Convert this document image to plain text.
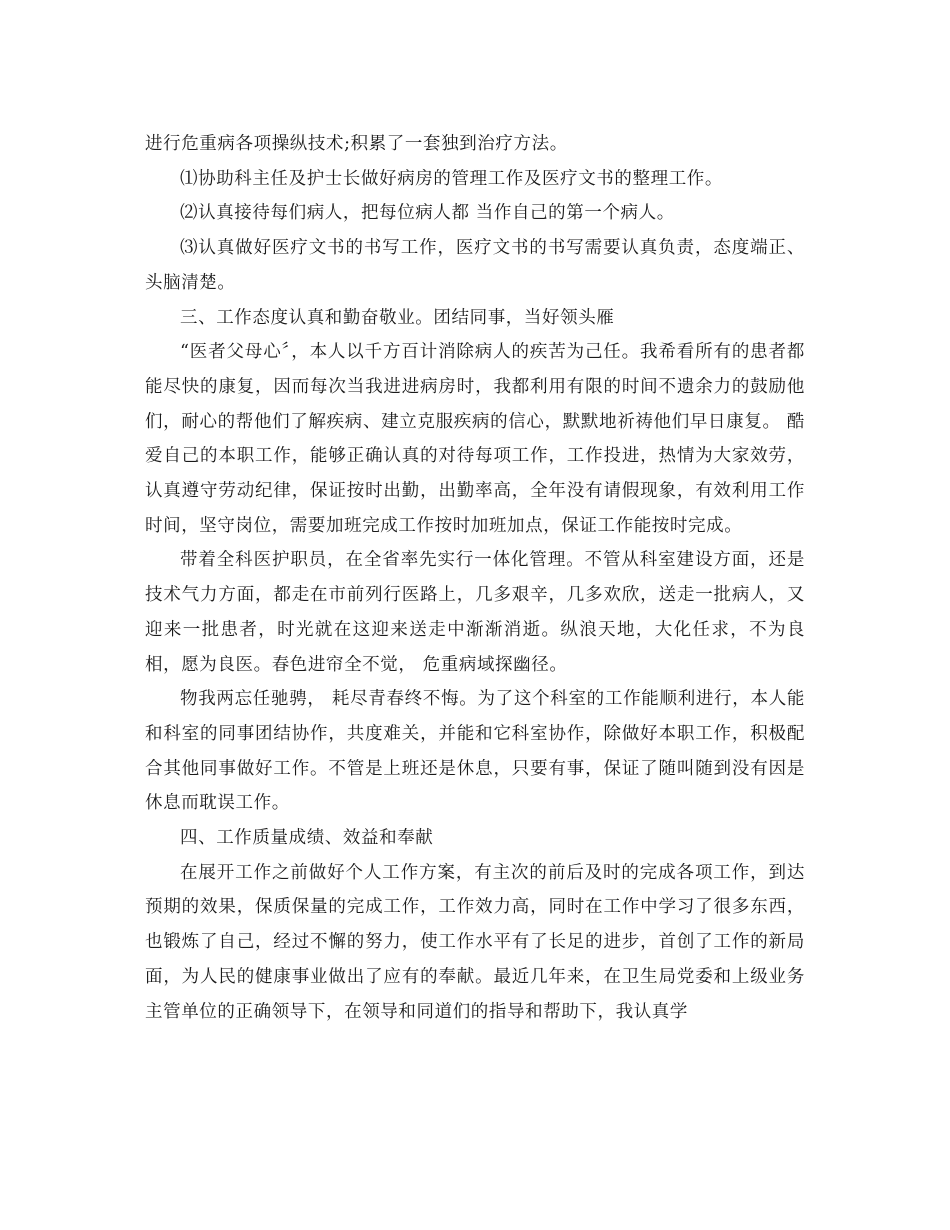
进行危重病各项操纵技术;积累了一套独到治疗方法。

⑴协助科主任及护士长做好病房的管理工作及医疗文书的整理工作。

⑵认真接待每们病人，把每位病人都 当作自己的第一个病人。

⑶认真做好医疗文书的书写工作，医疗文书的书写需要认真负责，态度端正、头脑清楚。

三、工作态度认真和勤奋敬业。团结同事，当好领头雁

“医者父母心〞，本人以千方百计消除病人的疾苦为己任。我希看所有的患者都能尽快的康复，因而每次当我进进病房时，我都利用有限的时间不遗余力的鼓励他们，耐心的帮他们了解疾病、建立克服疾病的信心，默默地祈祷他们早日康复。 酷爱自己的本职工作，能够正确认真的对待每项工作，工作投进，热情为大家效劳，认真遵守劳动纪律，保证按时出勤，出勤率高，全年没有请假现象，有效利用工作时间，坚守岗位，需要加班完成工作按时加班加点，保证工作能按时完成。

带着全科医护职员，在全省率先实行一体化管理。不管从科室建设方面，还是技术气力方面，都走在市前列行医路上，几多艰辛，几多欢欣，送走一批病人，又迎来一批患者，时光就在这迎来送走中渐渐消逝。纵浪天地，大化任求，不为良相，愿为良医。春色进帘全不觉， 危重病域探幽径。

物我两忘任驰骋， 耗尽青春终不悔。为了这个科室的工作能顺利进行，本人能和科室的同事团结协作，共度难关，并能和它科室协作，除做好本职工作，积极配合其他同事做好工作。不管是上班还是休息，只要有事，保证了随叫随到没有因是休息而耽误工作。

四、工作质量成绩、效益和奉献

在展开工作之前做好个人工作方案，有主次的前后及时的完成各项工作，到达预期的效果，保质保量的完成工作，工作效力高，同时在工作中学习了很多东西，也锻炼了自己，经过不懈的努力，使工作水平有了长足的进步，首创了工作的新局面，为人民的健康事业做出了应有的奉献。最近几年来，在卫生局党委和上级业务主管单位的正确领导下，在领导和同道们的指导和帮助下，我认真学
